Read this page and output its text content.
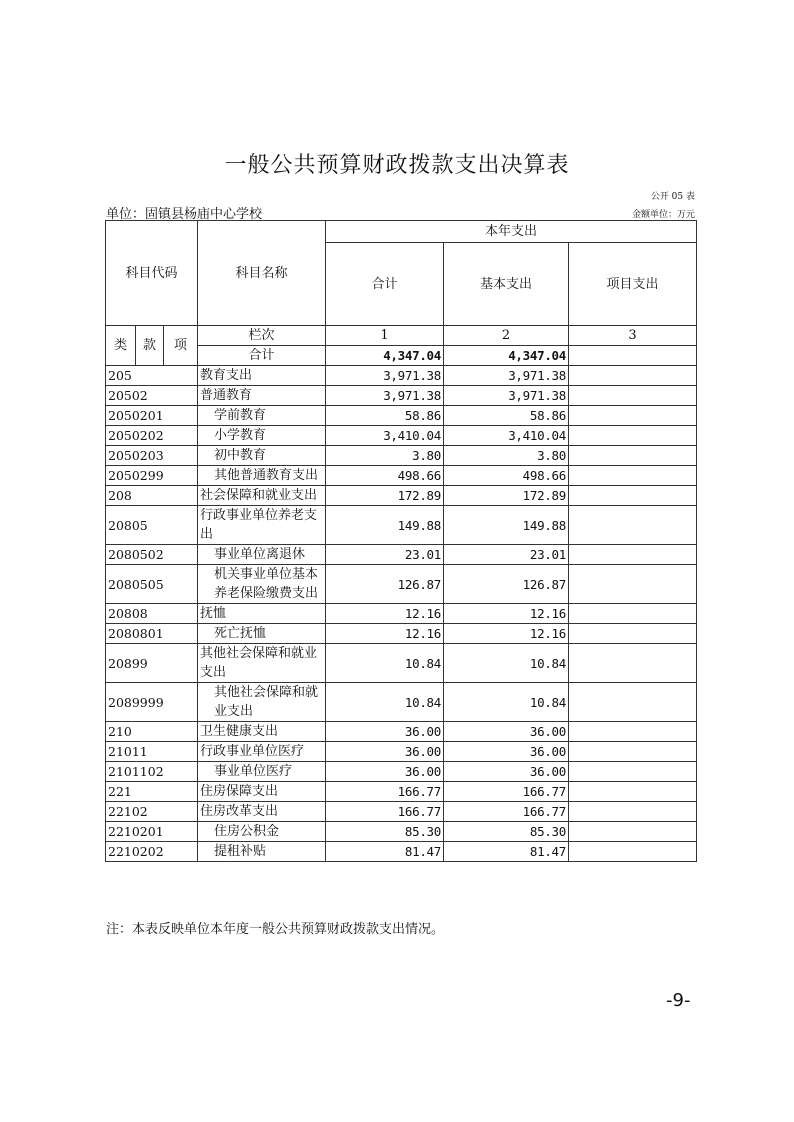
一般公共预算财政拨款支出决算表
公开 05 表
单位：固镇县杨庙中心学校	金额单位：万元
科目代码			科目名称	本年支出		
				合计	基本支出	项目支出
类	款	项	栏次	1	2	3
			合计	4,347.04	4,347.04	
205			教育支出	3,971.38	3,971.38	
20502			普通教育	3,971.38	3,971.38	
2050201			学前教育	58.86	58.86	
2050202			小学教育	3,410.04	3,410.04	
2050203			初中教育	3.80	3.80	
2050299			其他普通教育支出	498.66	498.66	
208			社会保障和就业支出	172.89	172.89	
20805			行政事业单位养老支出	149.88	149.88	
2080502			事业单位离退休	23.01	23.01	
2080505			机关事业单位基本养老保险缴费支出	126.87	126.87	
20808			抚恤	12.16	12.16	
2080801			死亡抚恤	12.16	12.16	
20899			其他社会保障和就业支出	10.84	10.84	
2089999			其他社会保障和就业支出	10.84	10.84	
210			卫生健康支出	36.00	36.00	
21011			行政事业单位医疗	36.00	36.00	
2101102			事业单位医疗	36.00	36.00	
221			住房保障支出	166.77	166.77	
22102			住房改革支出	166.77	166.77	
2210201			住房公积金	85.30	85.30	
2210202			提租补贴	81.47	81.47	
注：本表反映单位本年度一般公共预算财政拨款支出情况。
-9-
